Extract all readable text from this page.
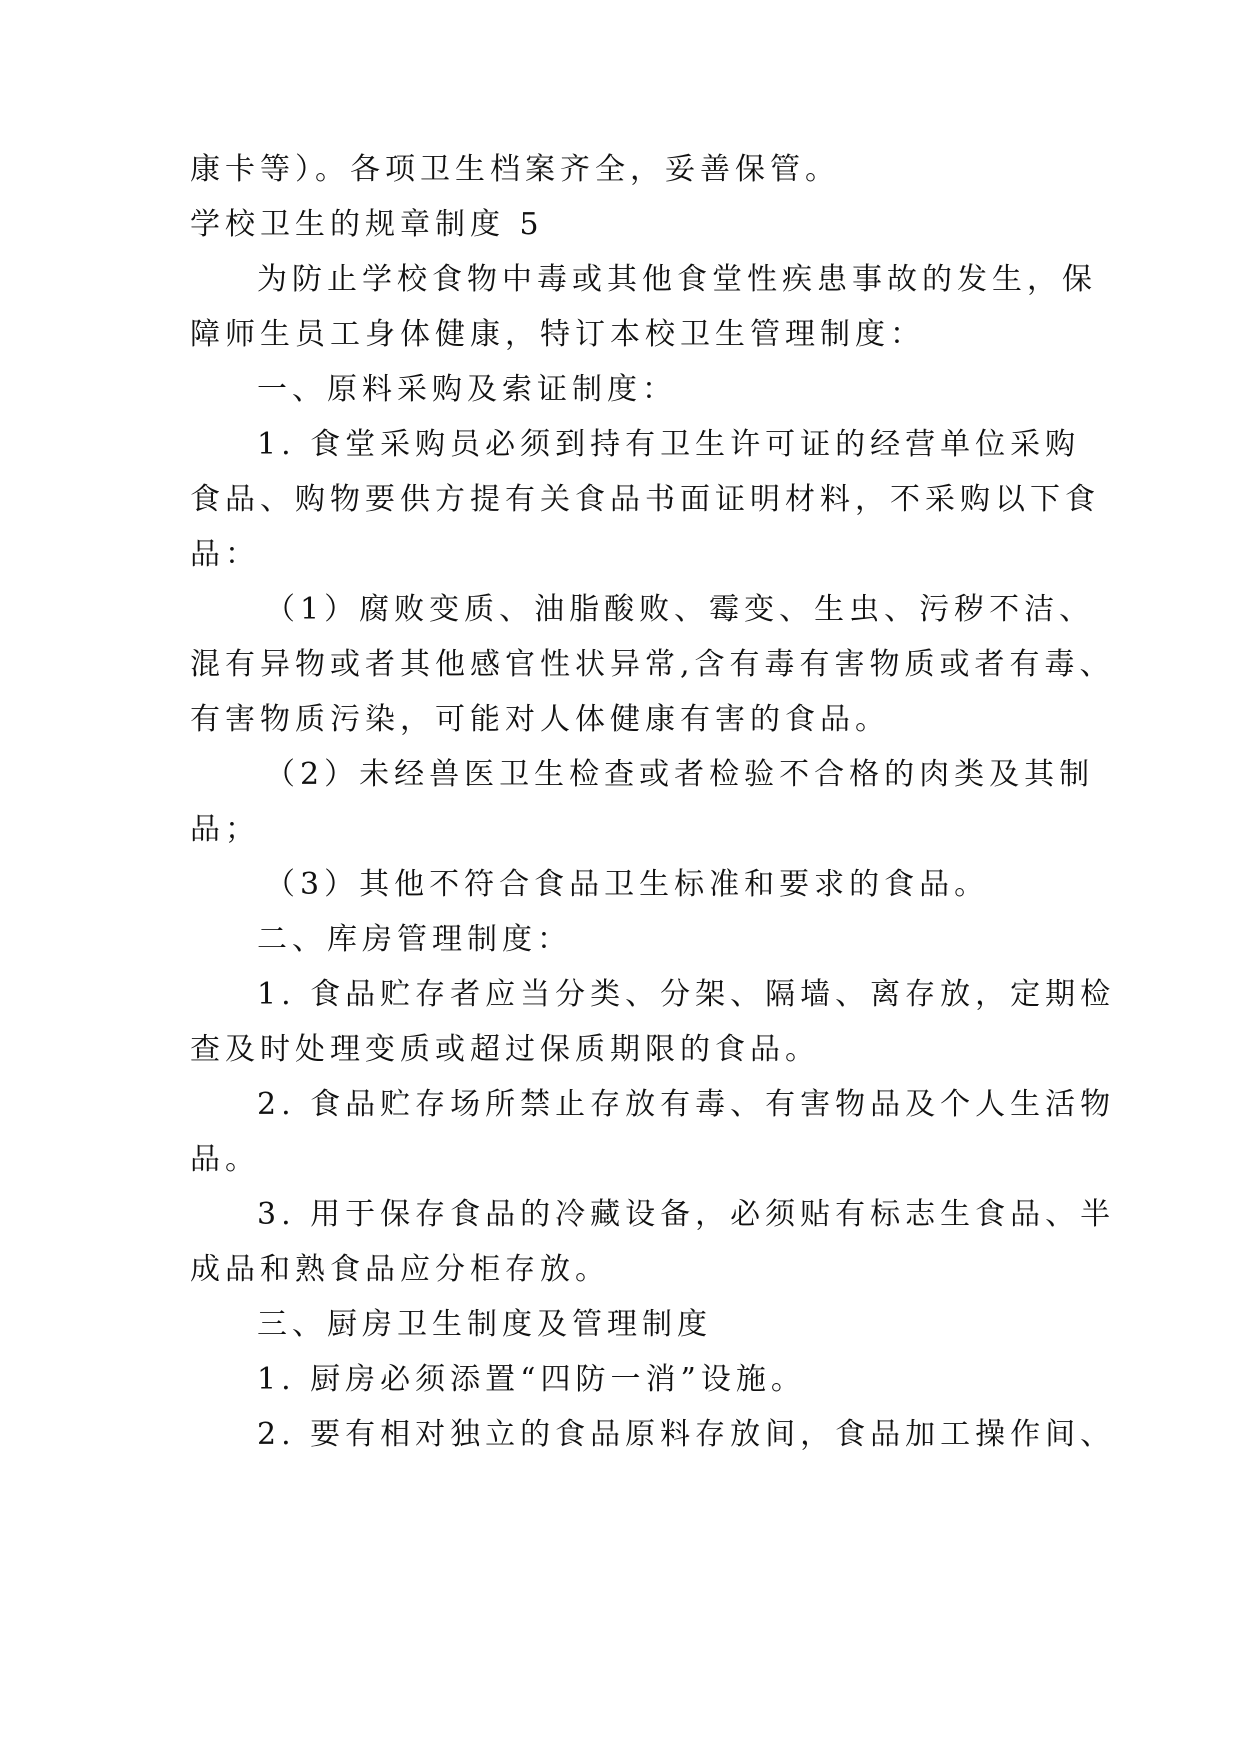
康卡等）。各项卫生档案齐全，妥善保管。
学校卫生的规章制度 5
为防止学校食物中毒或其他食堂性疾患事故的发生，保
障师生员工身体健康，特订本校卫生管理制度：
一、原料采购及索证制度：
1. 食堂采购员必须到持有卫生许可证的经营单位采购
食品、购物要供方提有关食品书面证明材料，不采购以下食
品：
（1）腐败变质、油脂酸败、霉变、生虫、污秽不洁、
混有异物或者其他感官性状异常,含有毒有害物质或者有毒、
有害物质污染，可能对人体健康有害的食品。
（2）未经兽医卫生检查或者检验不合格的肉类及其制
品；
（3）其他不符合食品卫生标准和要求的食品。
二、库房管理制度：
1. 食品贮存者应当分类、分架、隔墙、离存放，定期检
查及时处理变质或超过保质期限的食品。
2. 食品贮存场所禁止存放有毒、有害物品及个人生活物
品。
3. 用于保存食品的冷藏设备，必须贴有标志生食品、半
成品和熟食品应分柜存放。
三、厨房卫生制度及管理制度
1. 厨房必须添置“四防一消”设施。
2. 要有相对独立的食品原料存放间，食品加工操作间、
